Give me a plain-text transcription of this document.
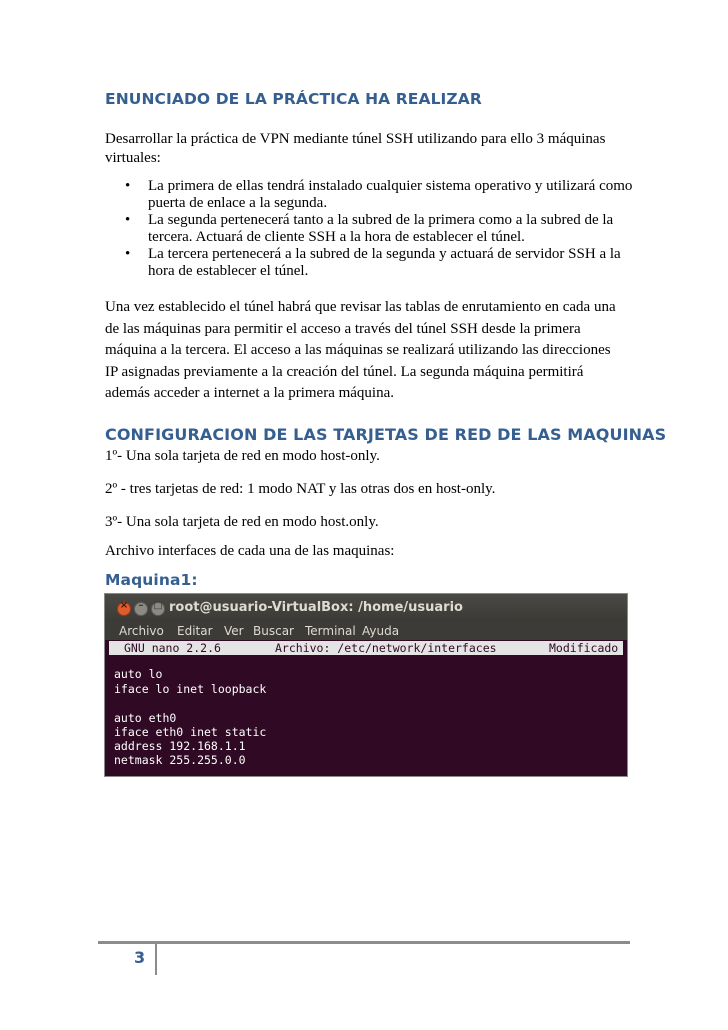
ENUNCIADO DE LA PRÁCTICA HA REALIZAR
Desarrollar la práctica de VPN mediante túnel SSH utilizando para ello 3 máquinas virtuales:
• La primera de ellas tendrá instalado cualquier sistema operativo y utilizará como puerta de enlace a la segunda.
• La segunda pertenecerá tanto a la subred de la primera como a la subred de la tercera. Actuará de cliente SSH a la hora de establecer el túnel.
• La tercera pertenecerá a la subred de la segunda y actuará de servidor SSH a la hora de establecer el túnel.
Una vez establecido el túnel habrá que revisar las tablas de enrutamiento en cada una de las máquinas para permitir el acceso a través del túnel SSH desde la primera máquina a la tercera. El acceso a las máquinas se realizará utilizando las direcciones IP asignadas previamente a la creación del túnel. La segunda máquina permitirá además acceder a internet a la primera máquina.
CONFIGURACION DE LAS TARJETAS DE RED DE LAS MAQUINAS
1º- Una sola tarjeta de red en modo host-only.
2º - tres tarjetas de red: 1 modo NAT y las otras dos en host-only.
3º- Una sola tarjeta de red en modo host.only.
Archivo interfaces de cada una de las maquinas:
Maquina1:
×	– □ root@usuario-VirtualBox: /home/usuario
Archivo Editar Ver Buscar Terminal Ayuda
GNU nano 2.2.6	Archivo: /etc/network/interfaces	Modificado
auto lo
iface lo inet loopback
auto eth0
iface eth0 inet static
address 192.168.1.1
netmask 255.255.0.0
3
